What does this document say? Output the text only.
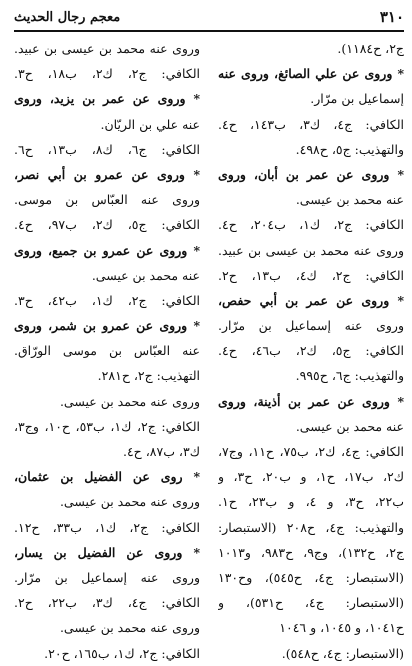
٣١٠
معجم رجال الحديث
ج٢، ح١١٨٤).
* وروى عن علي الصائغ، وروى عنه
إسماعيل بن مرّار.
الكافي: ج٤، ك٣، ب١٤٣، ح٤.
والتهذيب: ج٥، ح٤٩٨.
* وروى عن عمر بن أبان، وروى
عنه محمد بن عيسى.
الكافي: ج٢، ك١، ب٢٠٤، ح٤.
وروى عنه محمد بن عيسى بن عبيد.
الكافي: ج٢، ك٤، ب١٣، ح٢.
* وروى عن عمر بن أبي حفص،
وروى عنه إسماعيل بن مرّار.
الكافي: ج٥، ك٢، ب٤٦، ح٤.
والتهذيب: ج٦، ح٩٩٥.
* وروى عن عمر بن أذينة، وروى
عنه محمد بن عيسى.
الكافي: ج٤، ك٢، ب٧٥، ح١١، وج٧،
ك٢، ب١٧، ح١، و ب٢٠، ح٣، و
ب٢٢، ح٣، و ٤، و ب٢٣، ح١.
والتهذيب: ج٤، ح٢٠٨ (الاستبصار:
ج٢، ح١٣٢)، وج٩، ح٩٨٣، و١٠١٣
(الاستبصار: ج٤، ح٥٤٥)، وح١٣٠
(الاستبصار: ج٤، ح٥٣١)، و
ح١٠٤١، و ١٠٤٥، و ١٠٤٦
(الاستبصار: ج٤، ح٥٤٨).
وروى عنه محمد بن عيسى بن عبيد.
الكافي: ج٢، ك٢، ب١٨، ح٣.
* وروى عن عمر بن يزيد، وروى
عنه علي بن الريّان.
الكافي: ج٦، ك٨، ب١٣، ح٦.
* وروى عن عمرو بن أبي نصر،
وروى عنه العبّاس بن موسى.
الكافي: ج٥، ك٢، ب٩٧، ح٤.
* وروى عن عمرو بن جميع، وروى
عنه محمد بن عيسى.
الكافي: ج٢، ك١، ب٤٢، ح٣.
* وروى عن عمرو بن شمر، وروى
عنه العبّاس بن موسى الورّاق.
التهذيب: ج٢، ح٢٨١.
وروى عنه محمد بن عيسى.
الكافي: ج٢، ك١، ب٥٣، ح١٠، وج٣،
ك٣، ب٨٧، ح٤.
* روى عن الفضيل بن عثمان،
وروى عنه محمد بن عيسى.
الكافي: ج٢، ك١، ب٣٣، ح١٢.
* وروى عن الفضيل بن يسار،
وروى عنه إسماعيل بن مرّار.
الكافي: ج٤، ك٣، ب٢٢، ح٢.
وروى عنه محمد بن عيسى.
الكافي: ج٢، ك١، ب١٦٥، ح٢٠.
